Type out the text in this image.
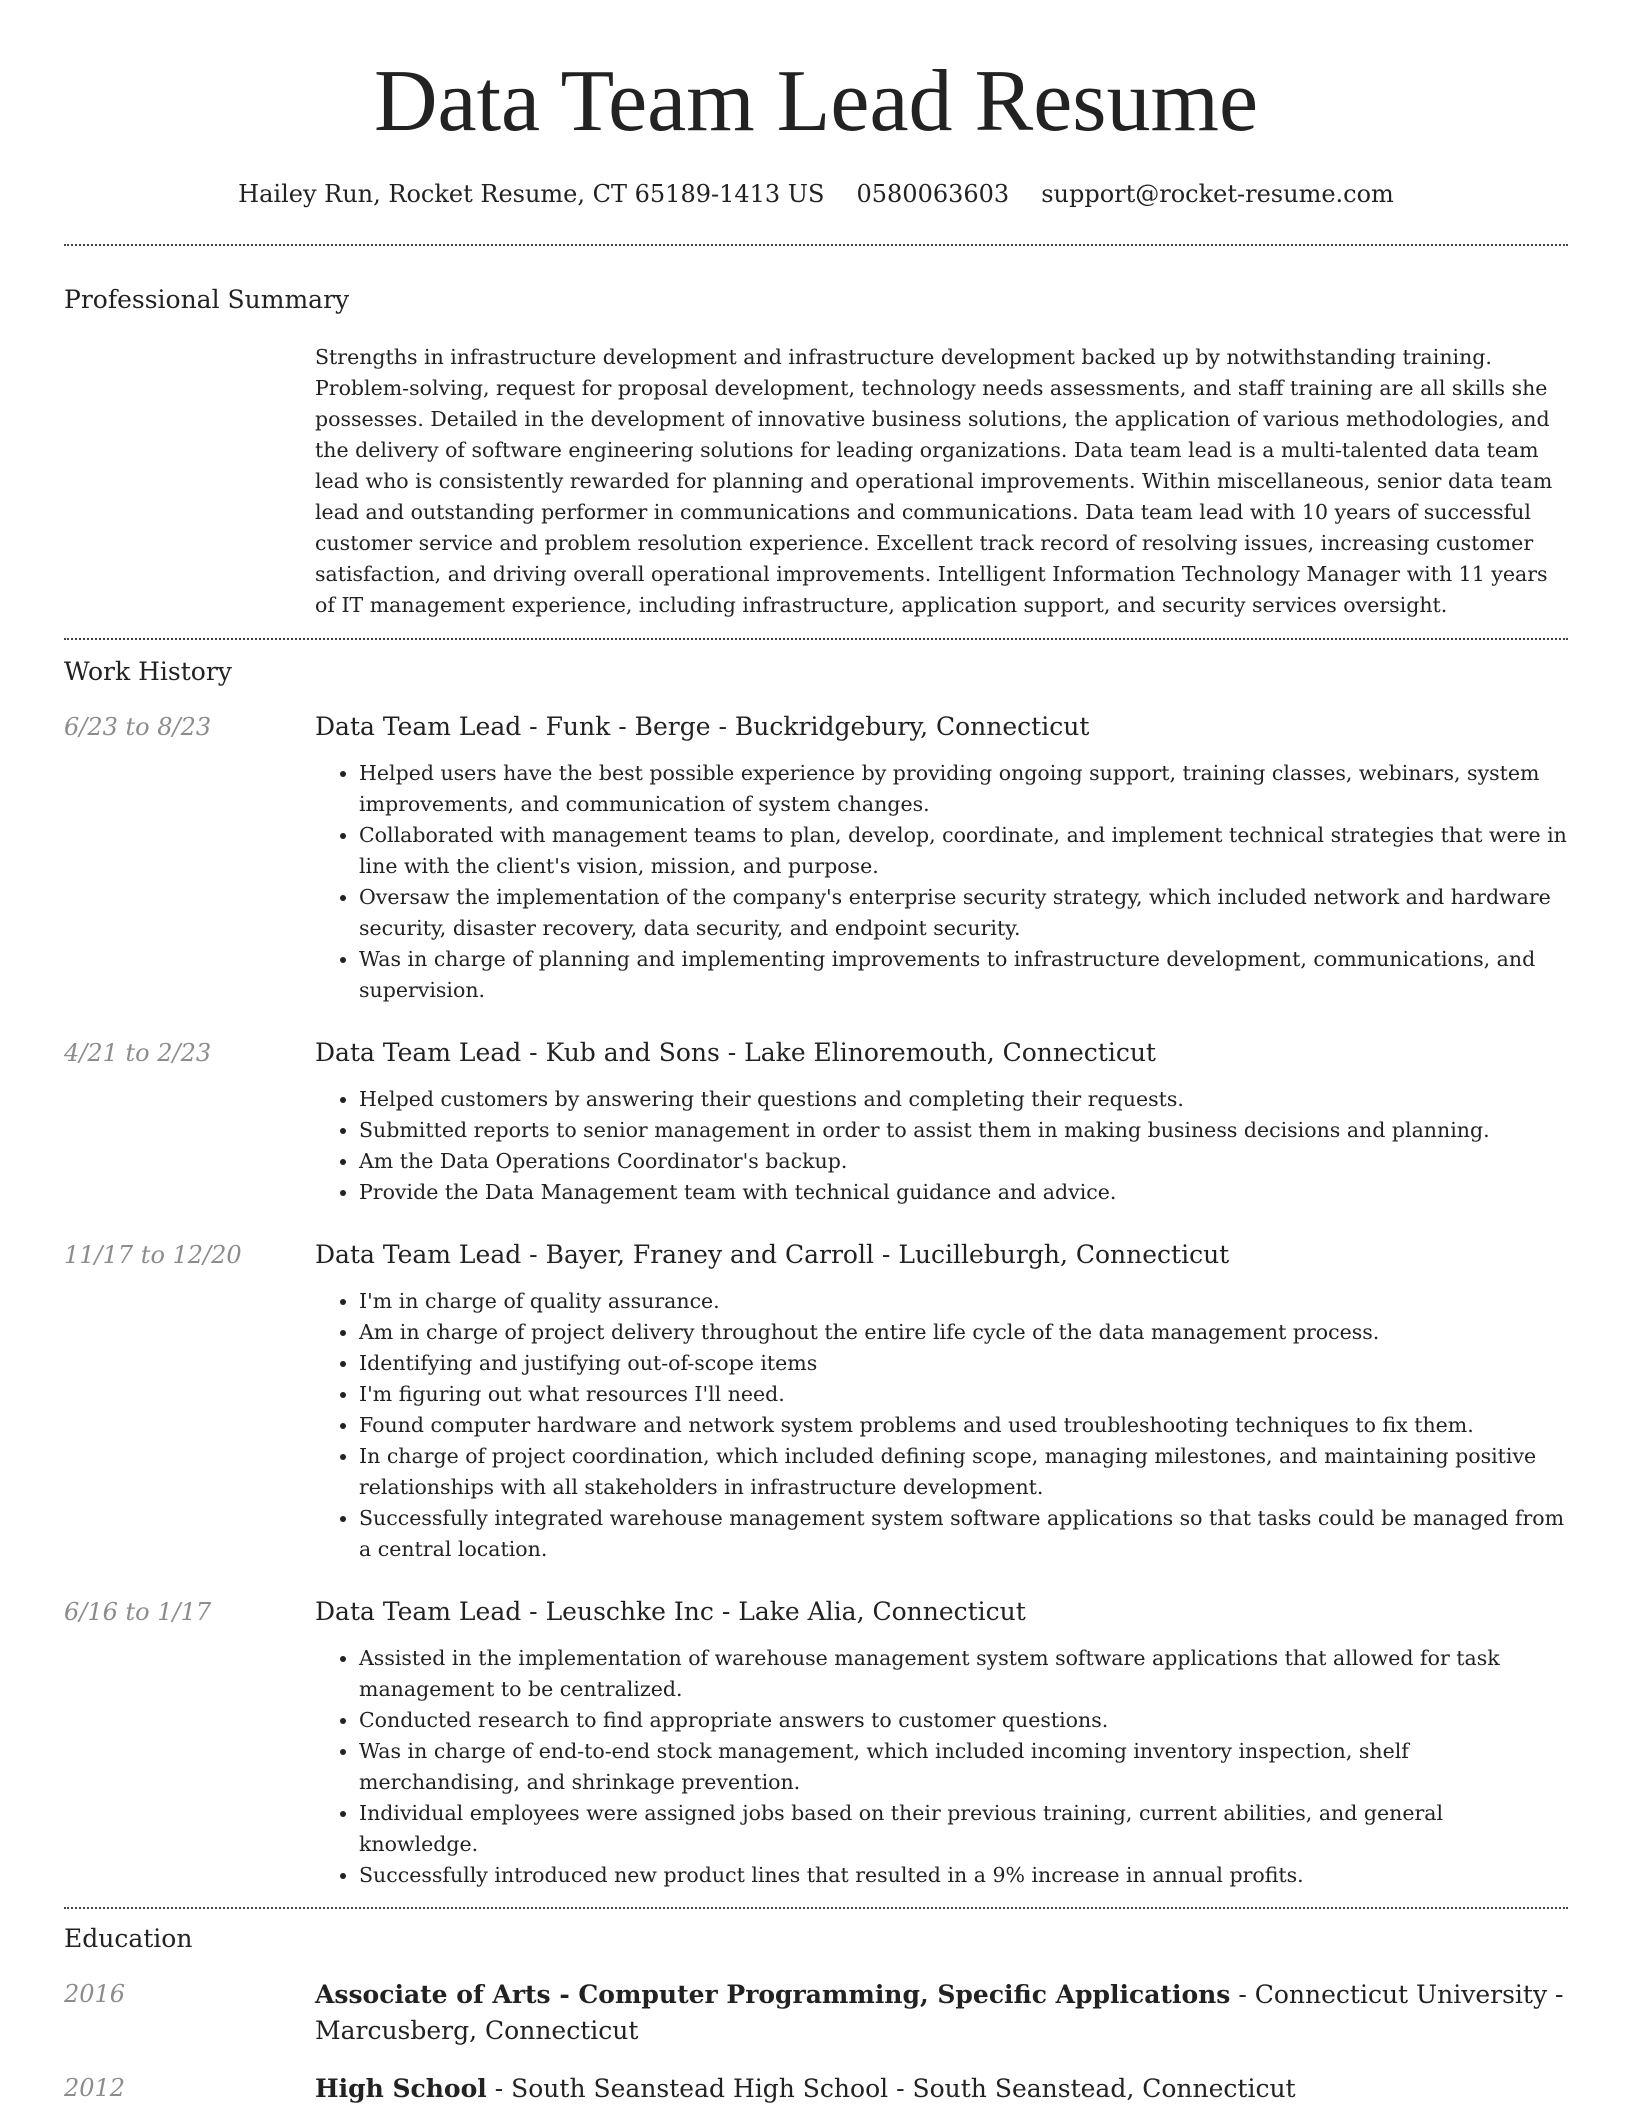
Data Team Lead Resume
Hailey Run, Rocket Resume, CT 65189-1413 US 0580063603 support@rocket-resume.com
Professional Summary
Strengths in infrastructure development and infrastructure development backed up by notwithstanding training. Problem-solving, request for proposal development, technology needs assessments, and staff training are all skills she possesses. Detailed in the development of innovative business solutions, the application of various methodologies, and the delivery of software engineering solutions for leading organizations. Data team lead is a multi-talented data team lead who is consistently rewarded for planning and operational improvements. Within miscellaneous, senior data team lead and outstanding performer in communications and communications. Data team lead with 10 years of successful customer service and problem resolution experience. Excellent track record of resolving issues, increasing customer satisfaction, and driving overall operational improvements. Intelligent Information Technology Manager with 11 years of IT management experience, including infrastructure, application support, and security services oversight.
Work History
6/23 to 8/23	Data Team Lead - Funk - Berge - Buckridgebury, Connecticut
• Helped users have the best possible experience by providing ongoing support, training classes, webinars, system improvements, and communication of system changes.
• Collaborated with management teams to plan, develop, coordinate, and implement technical strategies that were in line with the client's vision, mission, and purpose.
• Oversaw the implementation of the company's enterprise security strategy, which included network and hardware security, disaster recovery, data security, and endpoint security.
• Was in charge of planning and implementing improvements to infrastructure development, communications, and supervision.
4/21 to 2/23	Data Team Lead - Kub and Sons - Lake Elinoremouth, Connecticut
• Helped customers by answering their questions and completing their requests.
• Submitted reports to senior management in order to assist them in making business decisions and planning.
• Am the Data Operations Coordinator's backup.
• Provide the Data Management team with technical guidance and advice.
11/17 to 12/20	Data Team Lead - Bayer, Franey and Carroll - Lucilleburgh, Connecticut
• I'm in charge of quality assurance.
• Am in charge of project delivery throughout the entire life cycle of the data management process.
• Identifying and justifying out-of-scope items
• I'm figuring out what resources I'll need.
• Found computer hardware and network system problems and used troubleshooting techniques to fix them.
• In charge of project coordination, which included defining scope, managing milestones, and maintaining positive relationships with all stakeholders in infrastructure development.
• Successfully integrated warehouse management system software applications so that tasks could be managed from a central location.
6/16 to 1/17	Data Team Lead - Leuschke Inc - Lake Alia, Connecticut
• Assisted in the implementation of warehouse management system software applications that allowed for task management to be centralized.
• Conducted research to find appropriate answers to customer questions.
• Was in charge of end-to-end stock management, which included incoming inventory inspection, shelf merchandising, and shrinkage prevention.
• Individual employees were assigned jobs based on their previous training, current abilities, and general knowledge.
• Successfully introduced new product lines that resulted in a 9% increase in annual profits.
Education
2016	Associate of Arts - Computer Programming, Specific Applications - Connecticut University - Marcusberg, Connecticut
2012	High School - South Seanstead High School - South Seanstead, Connecticut
